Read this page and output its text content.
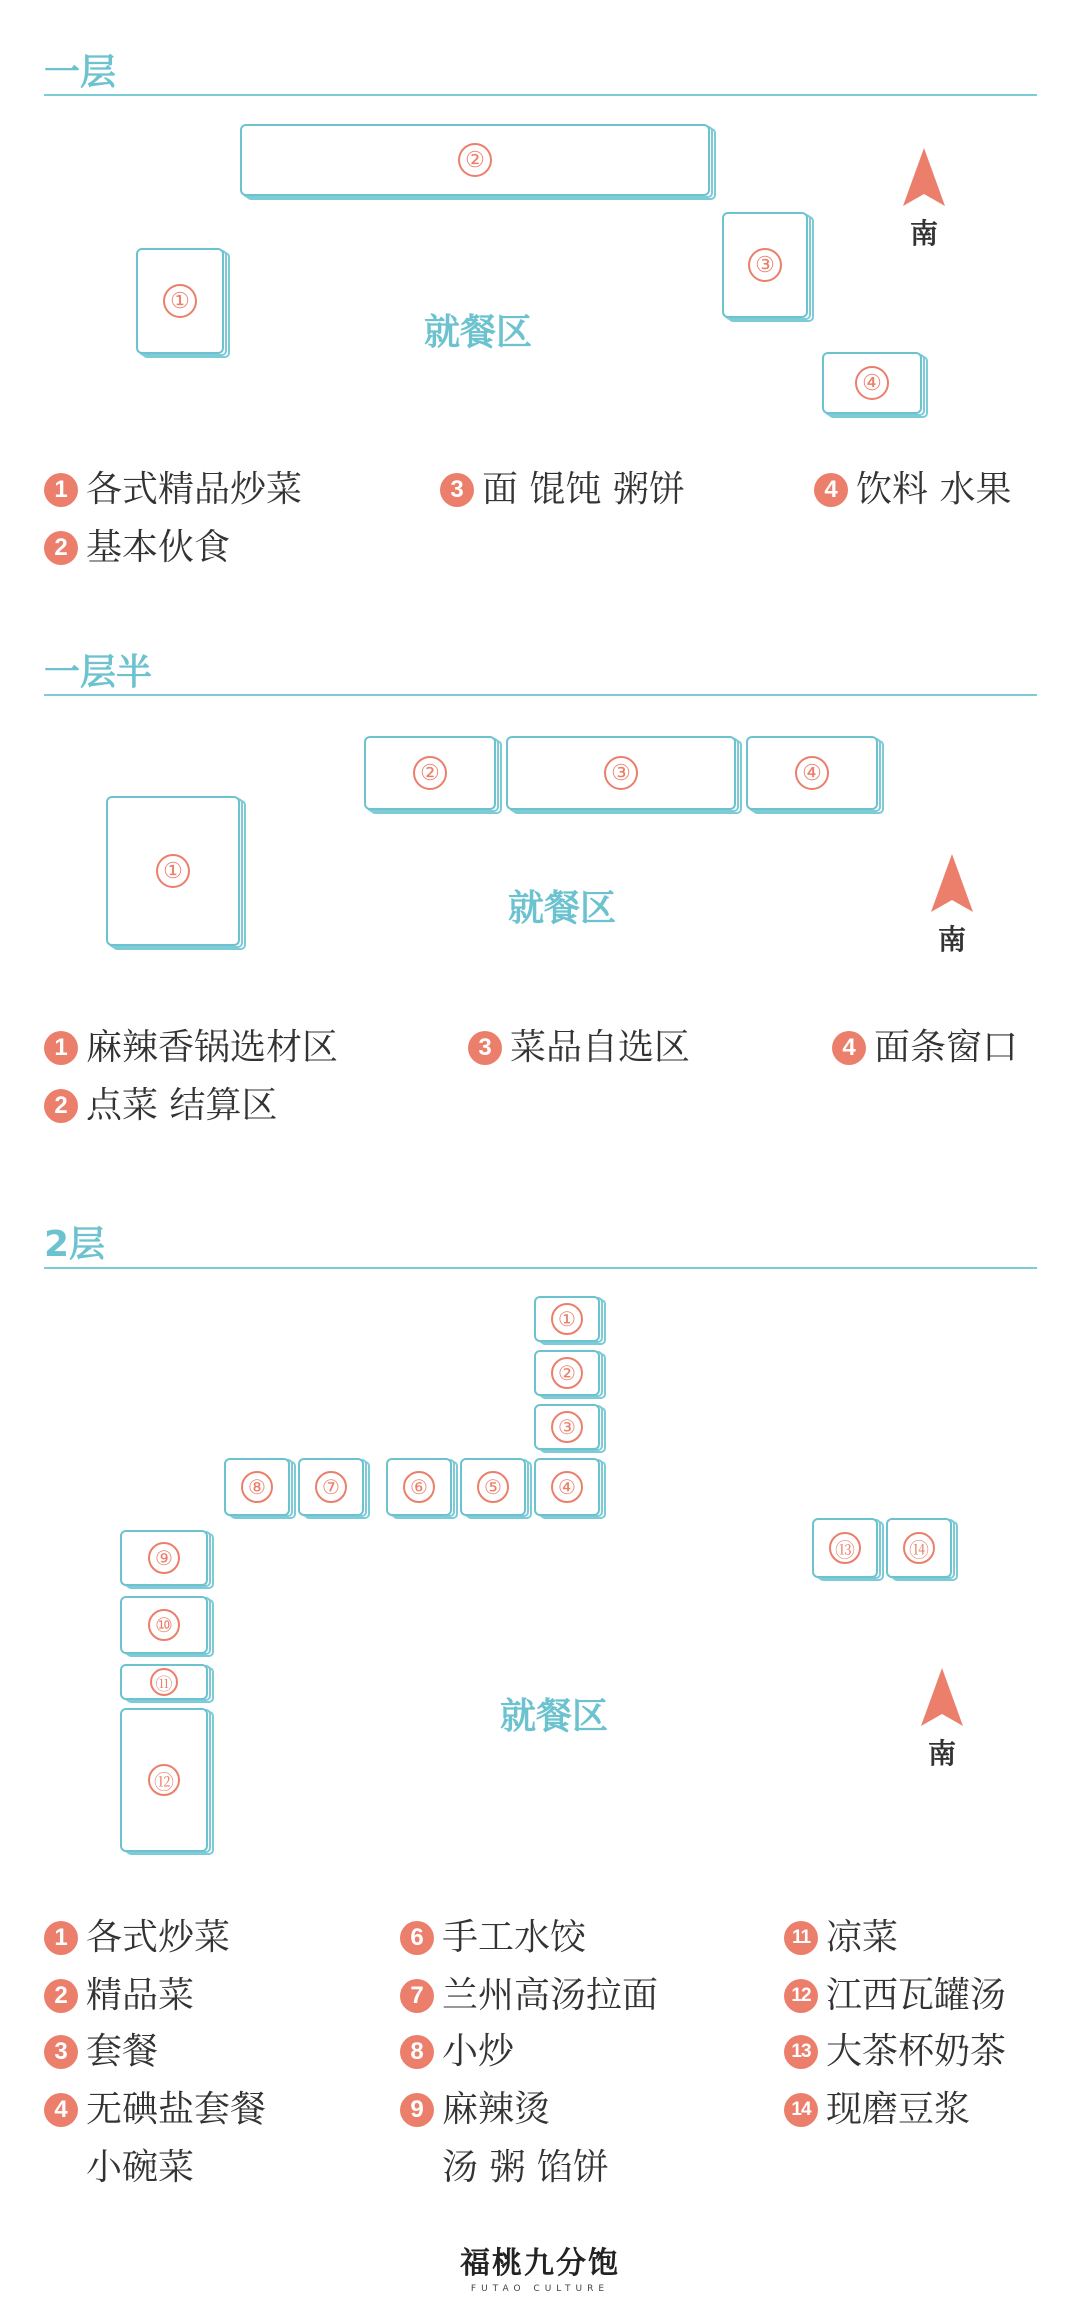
一层
②
①
③
④
就餐区
南
1 各式精品炒菜	3 面 馄饨 粥饼	4 饮料 水果
2 基本伙食
一层半
②	③	④
①
就餐区
南
1 麻辣香锅选材区	3 菜品自选区	4 面条窗口
2 点菜 结算区
2层
①
②
③
④
⑤
⑥
⑦
⑧
⑨
⑩
⑪
⑫
⑬	⑭
就餐区
南
1 各式炒菜
2 精品菜
3 套餐
4 无碘盐套餐
小碗菜
6 手工水饺
7 兰州高汤拉面
8 小炒
9 麻辣烫
汤 粥 馅饼
11 凉菜
12 江西瓦罐汤
13 大茶杯奶茶
14 现磨豆浆
福桃九分饱
FUTAO CULTURE
